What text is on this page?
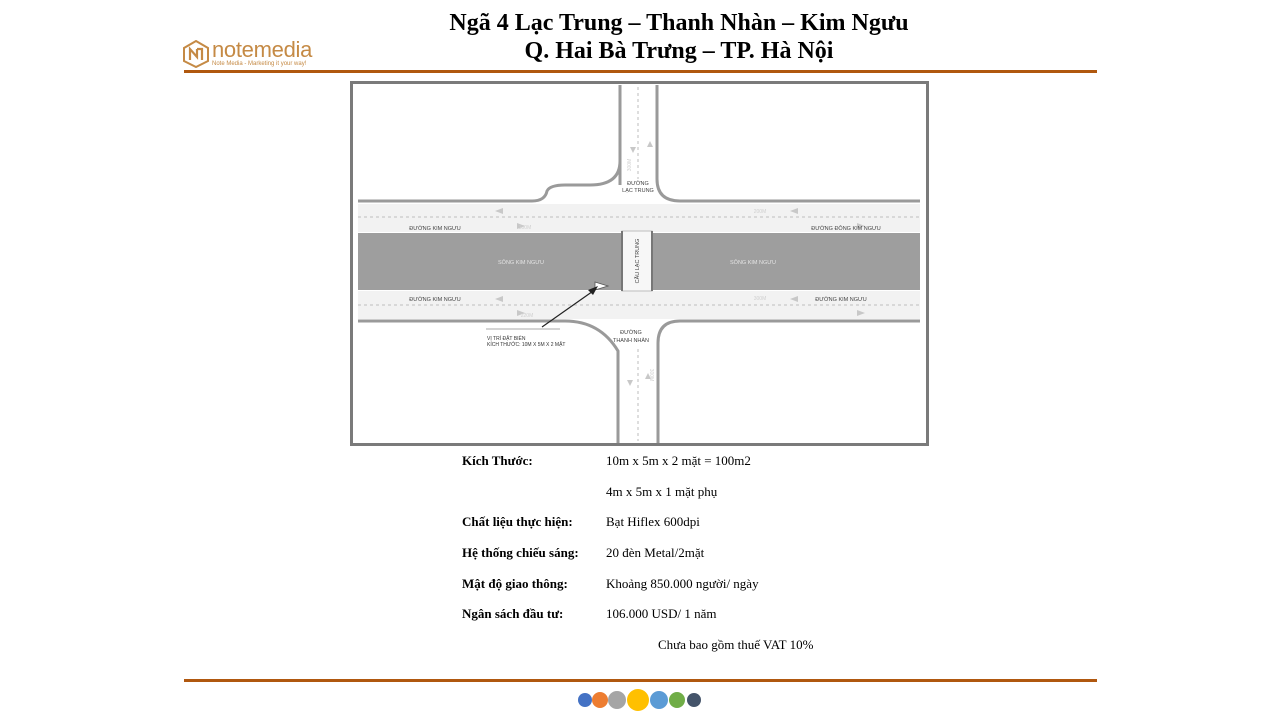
notemedia
Note Media - Marketing it your way!
Ngã 4 Lạc Trung – Thanh Nhàn – Kim Ngưu
Q. Hai Bà Trưng – TP. Hà Nội
ĐƯỜNG
LẠC TRUNG
ĐƯỜNG KIM NGƯU	ĐƯỜNG ĐÔNG KIM NGƯU
SÔNG KIM NGƯU	SÔNG KIM NGƯU
CẦU LẠC TRUNG
ĐƯỜNG KIM NGƯU	ĐƯỜNG KIM NGƯU
ĐƯỜNG
THANH NHÀN
VỊ TRÍ ĐẶT BIỂN
KÍCH THƯỚC: 10M X 5M X 2 MẶT
300M
300M
200M
220M
300M
300M
Kích Thước:	10m x 5m x 2 mặt = 100m2
4m x 5m x 1 mặt phụ
Chất liệu thực hiện:	Bạt Hiflex 600dpi
Hệ thống chiếu sáng: 20 đèn Metal/2mặt
Mật độ giao thông:	Khoảng 850.000 người/ ngày
Ngân sách đầu tư:	106.000 USD/ 1 năm
Chưa bao gồm thuế VAT 10%
